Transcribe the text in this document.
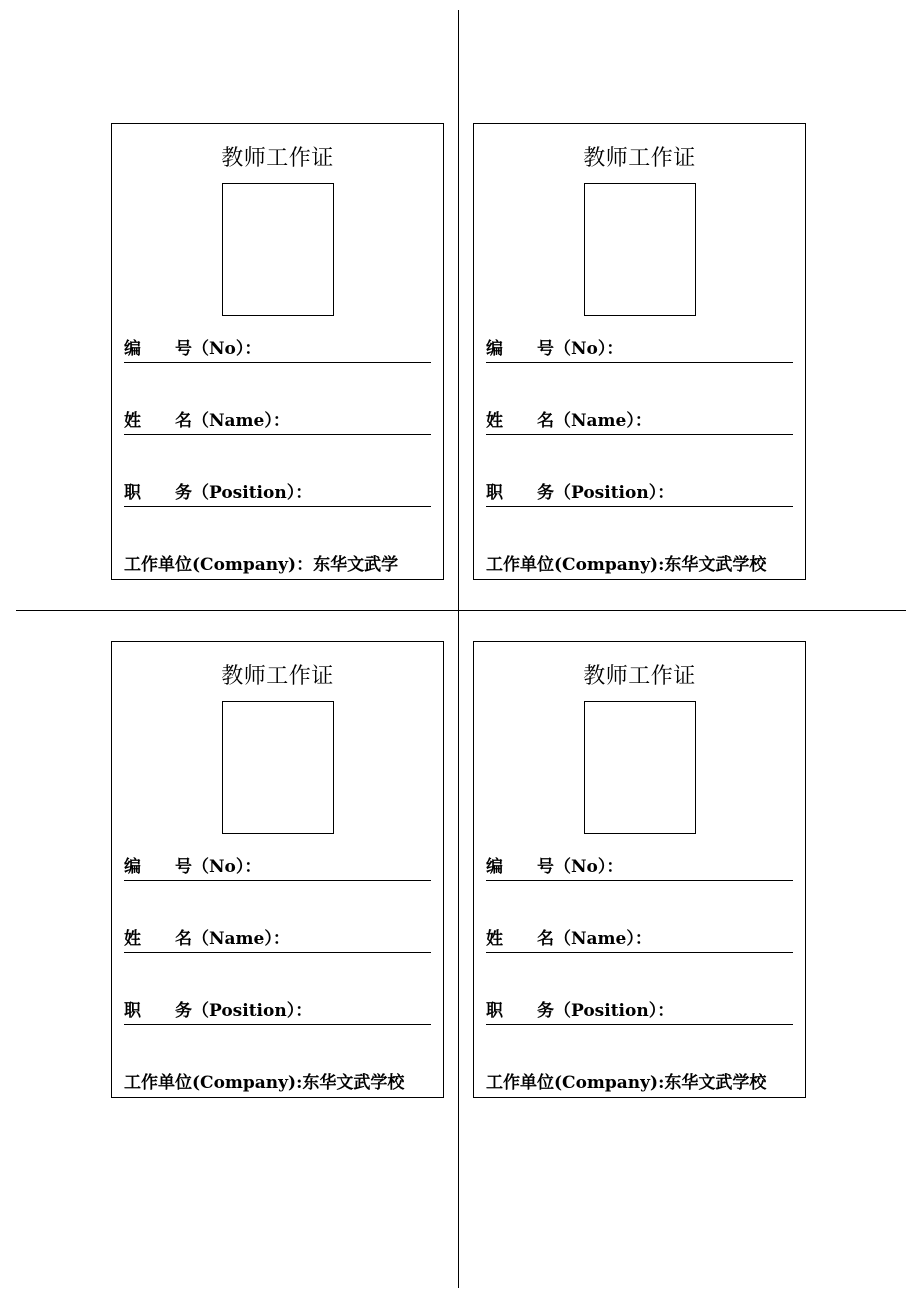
教师工作证
编　　号（No）：
姓　　名（Name）：
职　　务（Position）：
工作单位(Company)：东华文武学
教师工作证
编　　号（No）：
姓　　名（Name）：
职　　务（Position）：
工作单位(Company):东华文武学校
教师工作证
编　　号（No）：
姓　　名（Name）：
职　　务（Position）：
工作单位(Company):东华文武学校
教师工作证
编　　号（No）：
姓　　名（Name）：
职　　务（Position）：
工作单位(Company):东华文武学校
